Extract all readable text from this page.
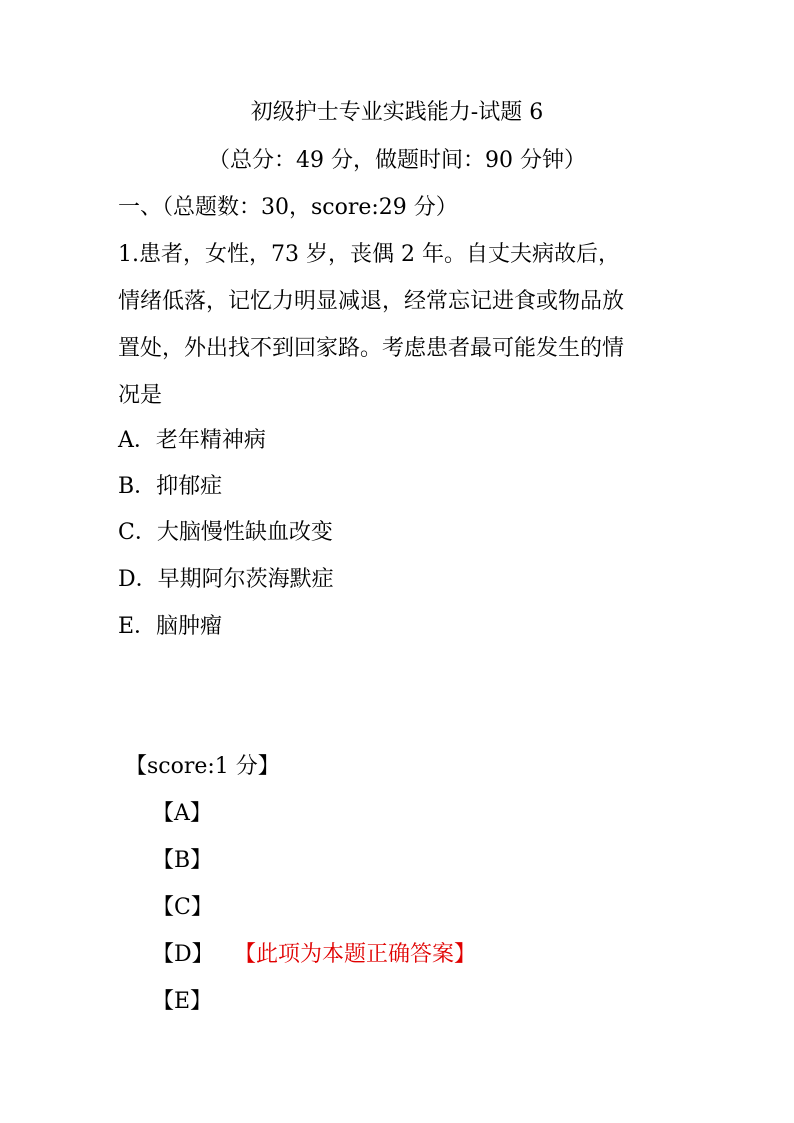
初级护士专业实践能力-试题 6
（总分：49 分，做题时间：90 分钟）
一、（总题数：30，score:29 分）
1.患者，女性，73 岁，丧偶 2 年。自丈夫病故后，
情绪低落，记忆力明显减退，经常忘记进食或物品放
置处，外出找不到回家路。考虑患者最可能发生的情
况是
A．老年精神病
B．抑郁症
C．大脑慢性缺血改变
D．早期阿尔茨海默症
E．脑肿瘤
【score:1 分】
【A】
【B】
【C】
【D】 【此项为本题正确答案】
【E】
